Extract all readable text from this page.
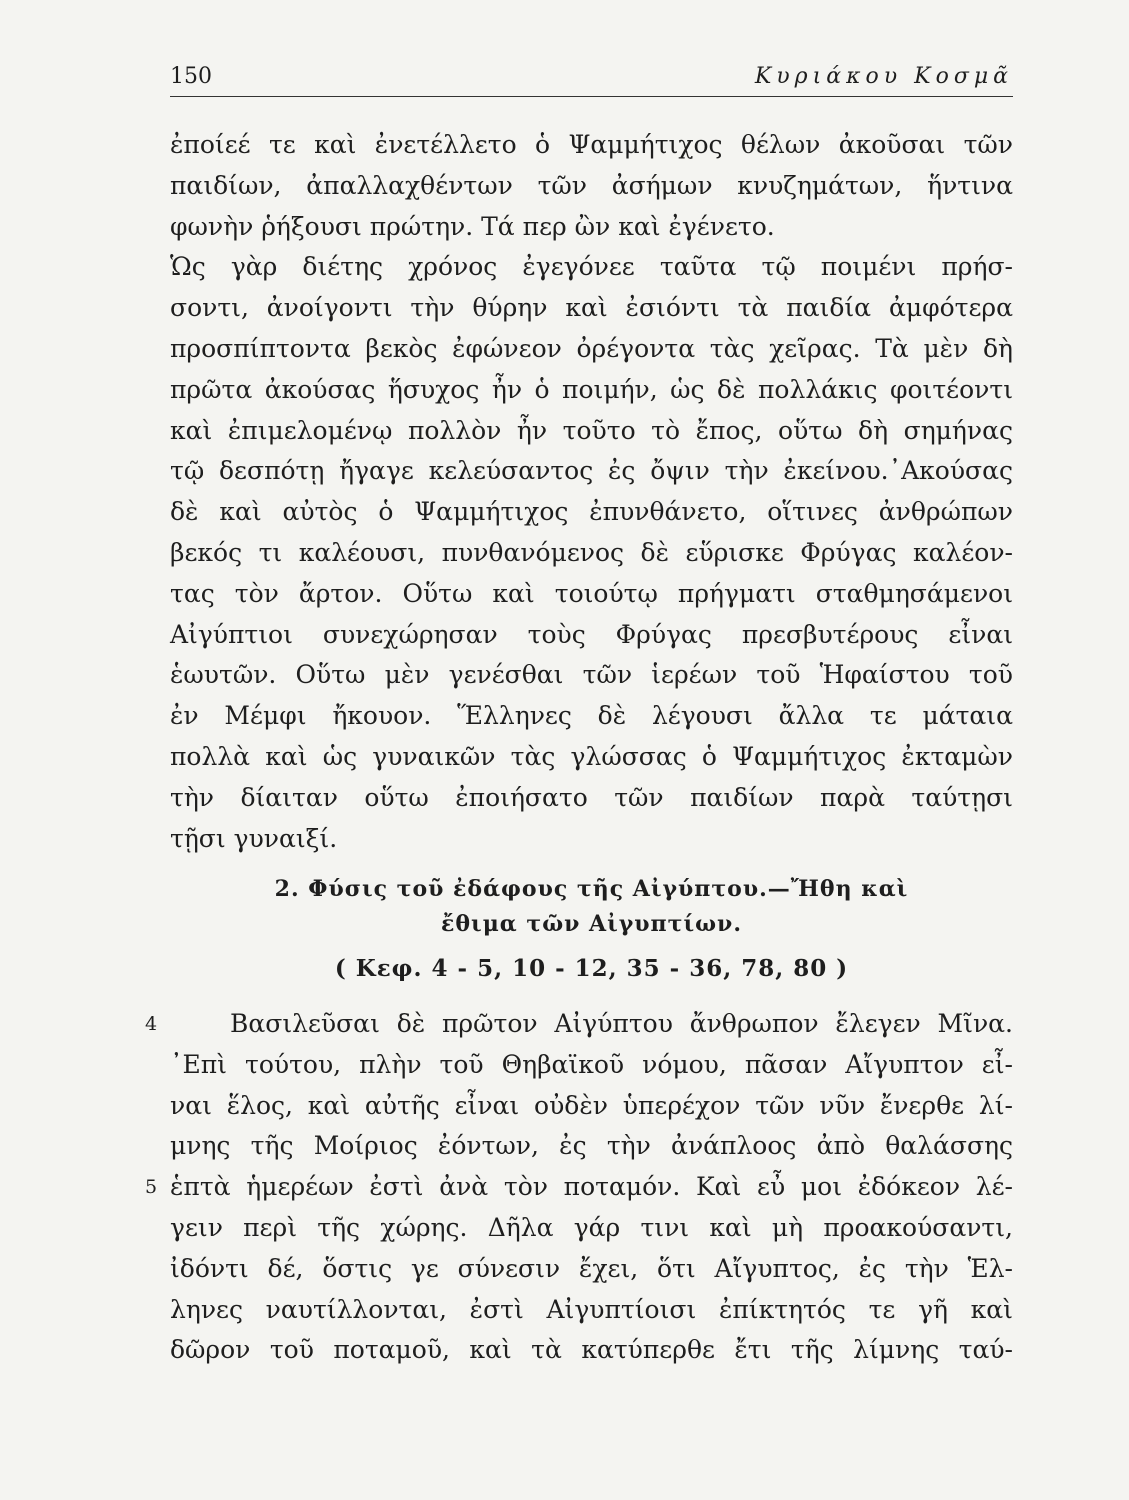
150	Κυριάκου Κοσμᾶ
ἐποίεέ τε καὶ ἐνετέλλετο ὁ Ψαμμήτιχος θέλων ἀκοῦσαι τῶν
παιδίων, ἀπαλλαχθέντων τῶν ἀσήμων κνυζημάτων, ἥντινα
φωνὴν ῥήξουσι πρώτην. Τά περ ὢν καὶ ἐγένετο.
Ὡς γὰρ διέτης χρόνος ἐγεγόνεε ταῦτα τῷ ποιμένι πρήσ-
σοντι, ἀνοίγοντι τὴν θύρην καὶ ἐσιόντι τὰ παιδία ἀμφότερα
προσπίπτοντα βεκὸς ἐφώνεον ὀρέγοντα τὰς χεῖρας. Τὰ μὲν δὴ
πρῶτα ἀκούσας ἥσυχος ἦν ὁ ποιμήν, ὡς δὲ πολλάκις φοιτέοντι
καὶ ἐπιμελομένῳ πολλὸν ἦν τοῦτο τὸ ἔπος, οὕτω δὴ σημήνας
τῷ δεσπότῃ ἤγαγε κελεύσαντος ἐς ὄψιν τὴν ἐκείνου.᾽Ακούσας
δὲ καὶ αὐτὸς ὁ Ψαμμήτιχος ἐπυνθάνετο, οἵτινες ἀνθρώπων
βεκός τι καλέουσι, πυνθανόμενος δὲ εὕρισκε Φρύγας καλέον-
τας τὸν ἄρτον. Οὕτω καὶ τοιούτῳ πρήγματι σταθμησάμενοι
Αἰγύπτιοι συνεχώρησαν τοὺς Φρύγας πρεσβυτέρους εἶναι
ἑωυτῶν. Οὕτω μὲν γενέσθαι τῶν ἱερέων τοῦ Ἡφαίστου τοῦ
ἐν Μέμφι ἤκουον. Ἕλληνες δὲ λέγουσι ἄλλα τε μάταια
πολλὰ καὶ ὡς γυναικῶν τὰς γλώσσας ὁ Ψαμμήτιχος ἐκταμὼν
τὴν δίαιταν οὕτω ἐποιήσατο τῶν παιδίων παρὰ ταύτῃσι
τῇσι γυναιξί.
2. Φύσις τοῦ ἐδάφους τῆς Αἰγύπτου.—Ἤθη καὶ
ἔθιμα τῶν Αἰγυπτίων.
( Κεφ. 4 - 5, 10 - 12, 35 - 36, 78, 80 )
4	Βασιλεῦσαι δὲ πρῶτον Αἰγύπτου ἄνθρωπον ἔλεγεν Μῖνα.
᾽Επὶ τούτου, πλὴν τοῦ Θηβαϊκοῦ νόμου, πᾶσαν Αἴγυπτον εἶ-
ναι ἕλος, καὶ αὐτῆς εἶναι οὐδὲν ὑπερέχον τῶν νῦν ἔνερθε λί-
μνης τῆς Μοίριος ἐόντων, ἐς τὴν ἀνάπλοος ἀπὸ θαλάσσης
5 ἑπτὰ ἡμερέων ἐστὶ ἀνὰ τὸν ποταμόν. Καὶ εὖ μοι ἐδόκεον λέ-
γειν περὶ τῆς χώρης. Δῆλα γάρ τινι καὶ μὴ προακούσαντι,
ἰδόντι δέ, ὅστις γε σύνεσιν ἔχει, ὅτι Αἴγυπτος, ἐς τὴν Ἑλ-
ληνες ναυτίλλονται, ἐστὶ Αἰγυπτίοισι ἐπίκτητός τε γῆ καὶ
δῶρον τοῦ ποταμοῦ, καὶ τὰ κατύπερθε ἔτι τῆς λίμνης ταύ-
